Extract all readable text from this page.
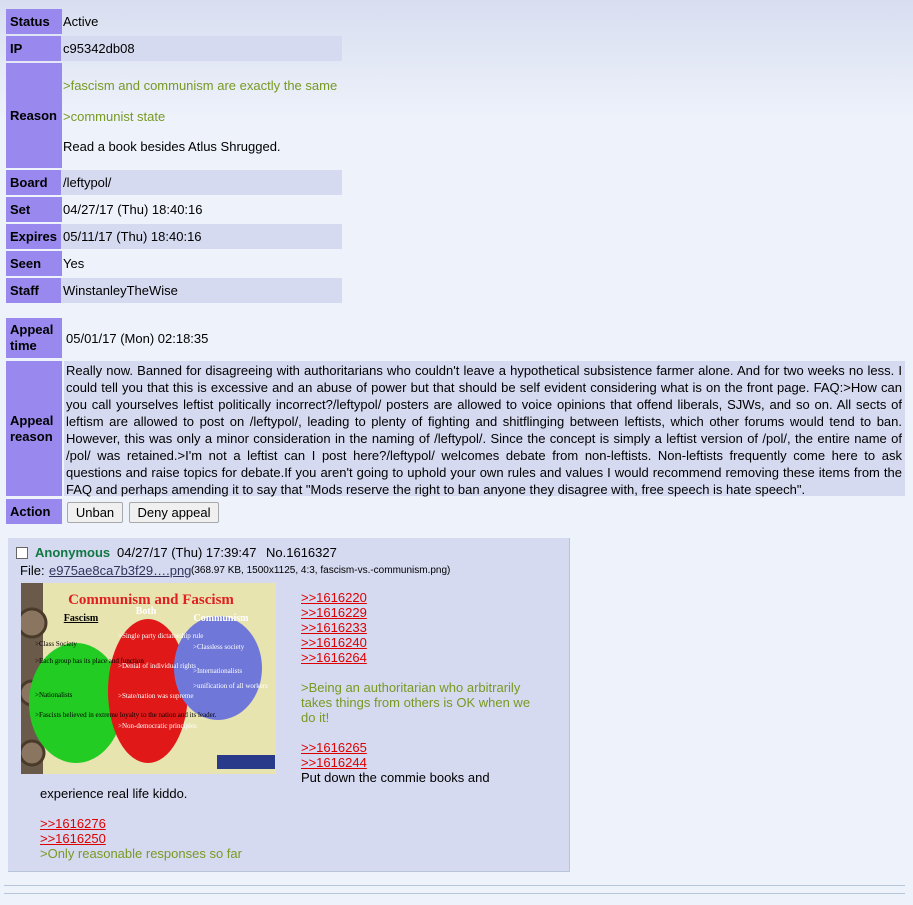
Status	Active
IP	c95342db08
Reason
>fascism and communism are exactly the same
>communist state
Read a book besides Atlus Shrugged.
Board	/leftypol/
Set	04/27/17 (Thu) 18:40:16
Expires 05/11/17 (Thu) 18:40:16
Seen	Yes
Staff	WinstanleyTheWise
Appeal time	05/01/17 (Mon) 02:18:35
Appeal reason
Really now. Banned for disagreeing with authoritarians who couldn't leave a hypothetical subsistence farmer alone. And for two weeks no less. I could tell you that this is excessive and an abuse of power but that should be self evident considering what is on the front page. FAQ:>How can you call yourselves leftist politically incorrect?/leftypol/ posters are allowed to voice opinions that offend liberals, SJWs, and so on. All sects of leftism are allowed to post on /leftypol/, leading to plenty of fighting and shitflinging between leftists, which other forums would tend to ban. However, this was only a minor consideration in the naming of /leftypol/. Since the concept is simply a leftist version of /pol/, the entire name of /pol/ was retained.>I'm not a leftist can I post here?/leftypol/ welcomes debate from non-leftists. Non-leftists frequently come here to ask questions and raise topics for debate.If you aren't going to uphold your own rules and values I would recommend removing these items from the FAQ and perhaps amending it to say that "Mods reserve the right to ban anyone they disagree with, free speech is hate speech".
Action	Unban	Deny appeal
Anonymous 04/27/17 (Thu) 17:39:47 No.1616327
File: e975ae8ca7b3f29….png (368.97 KB, 1500x1125, 4:3, fascism-vs.-communism.png)
Communism and Fascism
Fascism
Both
Communism
>Class Society
>Each group has its place and function
>Nationalists
>Fascists believed in extreme loyalty to the nation and its leader.
>Single party dictatorship rule
>Denial of individual rights
>State/nation was supreme
>Non-democratic principles
>Classless society
>Internationalists
>unification of all workers
>>1616220
>>1616229
>>1616233
>>1616240
>>1616264
>Being an authoritarian who arbitrarily takes things from others is OK when we do it!
>>1616265
>>1616244
Put down the commie books and
experience real life kiddo.
>>1616276
>>1616250
>Only reasonable responses so far
